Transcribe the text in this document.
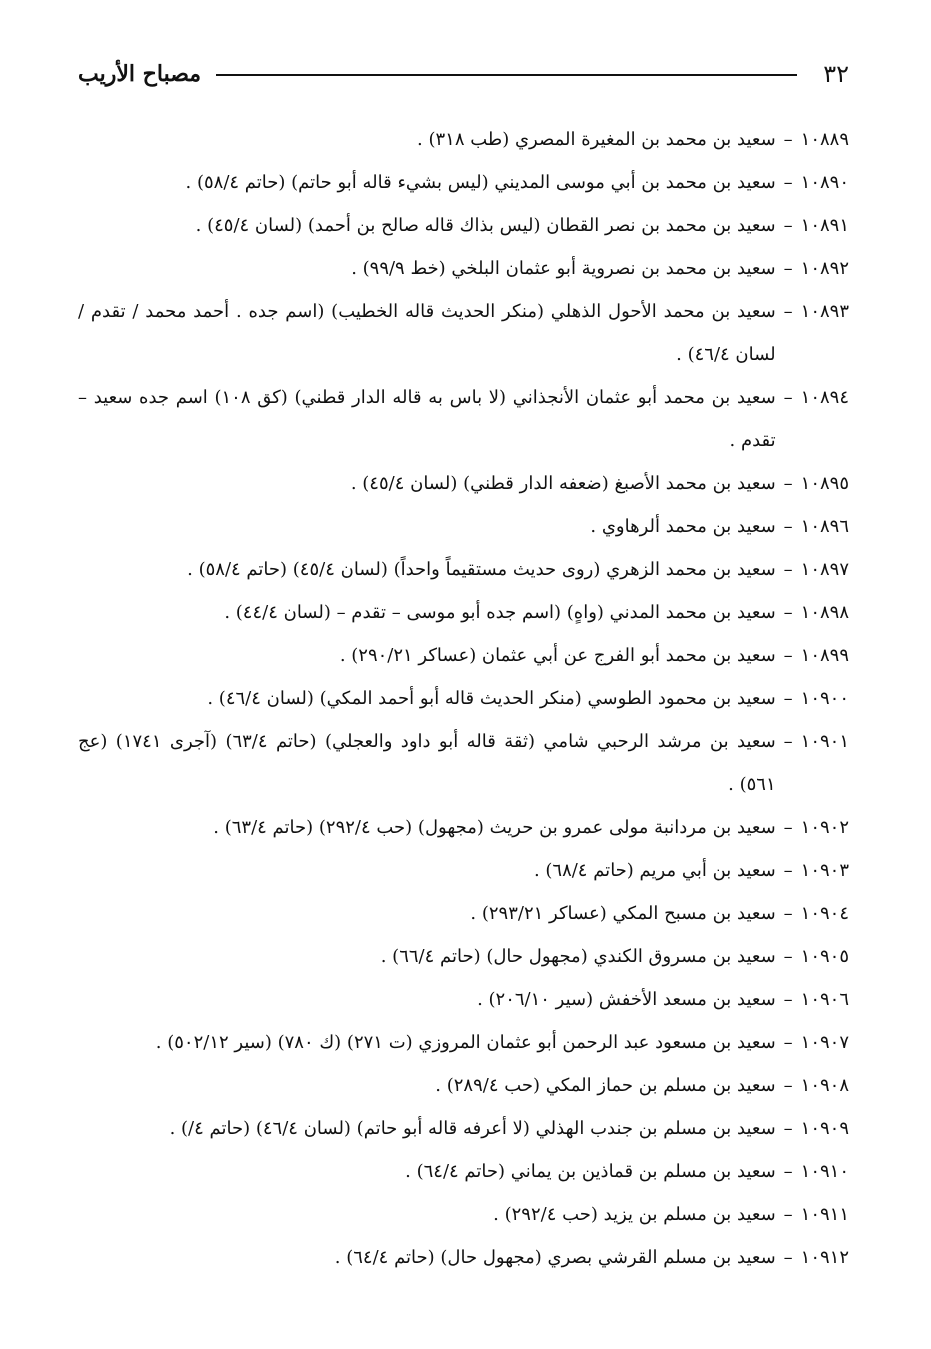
٣٢
مصباح الأريب
١٠٨٨٩
–
سعيد بن محمد بن المغيرة المصري (طب ٣١٨) .
١٠٨٩٠
–
سعيد بن محمد بن أبي موسى المديني (ليس بشيء قاله أبو حاتم) (حاتم ٥٨/٤) .
١٠٨٩١
–
سعيد بن محمد بن نصر القطان (ليس بذاك قاله صالح بن أحمد) (لسان ٤٥/٤) .
١٠٨٩٢
–
سعيد بن محمد بن نصروية أبو عثمان البلخي (خط ٩٩/٩) .
١٠٨٩٣
–
سعيد بن محمد الأحول الذهلي (منكر الحديث قاله الخطيب) (اسم جده . أحمد محمد / تقدم / لسان ٤٦/٤) .
١٠٨٩٤
–
سعيد بن محمد أبو عثمان الأنجذاني (لا باس به قاله الدار قطني) (كق ١٠٨) اسم جده سعيد – تقدم .
١٠٨٩٥
–
سعيد بن محمد الأصبغ (ضعفه الدار قطني) (لسان ٤٥/٤) .
١٠٨٩٦
–
سعيد بن محمد ألرهاوي .
١٠٨٩٧
–
سعيد بن محمد الزهري (روى حديث مستقيماً واحداً) (لسان ٤٥/٤) (حاتم ٥٨/٤) .
١٠٨٩٨
–
سعيد بن محمد المدني (واهٍ) (اسم جده أبو موسى – تقدم – (لسان ٤٤/٤) .
١٠٨٩٩
–
سعيد بن محمد أبو الفرج عن أبي عثمان (عساكر ٢٩٠/٢١) .
١٠٩٠٠
–
سعيد بن محمود الطوسي (منكر الحديث قاله أبو أحمد المكي) (لسان ٤٦/٤) .
١٠٩٠١
–
سعيد بن مرشد الرحبي شامي (ثقة قاله أبو داود والعجلي) (حاتم ٦٣/٤) (آجرى ١٧٤١) (عج ٥٦١) .
١٠٩٠٢
–
سعيد بن مردانبة مولى عمرو بن حريث (مجهول) (حب ٢٩٢/٤) (حاتم ٦٣/٤) .
١٠٩٠٣
–
سعيد بن أبي مريم (حاتم ٦٨/٤) .
١٠٩٠٤
–
سعيد بن مسبح المكي (عساكر ٢٩٣/٢١) .
١٠٩٠٥
–
سعيد بن مسروق الكندي (مجهول حال) (حاتم ٦٦/٤) .
١٠٩٠٦
–
سعيد بن مسعد الأخفش (سير ٢٠٦/١٠) .
١٠٩٠٧
–
سعيد بن مسعود عبد الرحمن أبو عثمان المروزي (ت ٢٧١) (ك ٧٨٠) (سير ٥٠٢/١٢) .
١٠٩٠٨
–
سعيد بن مسلم بن حماز المكي (حب ٢٨٩/٤) .
١٠٩٠٩
–
سعيد بن مسلم بن جندب الهذلي (لا أعرفه قاله أبو حاتم) (لسان ٤٦/٤) (حاتم ٤/) .
١٠٩١٠
–
سعيد بن مسلم بن قماذين بن يماني (حاتم ٦٤/٤) .
١٠٩١١
–
سعيد بن مسلم بن يزيد (حب ٢٩٢/٤) .
١٠٩١٢
–
سعيد بن مسلم القرشي بصري (مجهول حال) (حاتم ٦٤/٤) .
